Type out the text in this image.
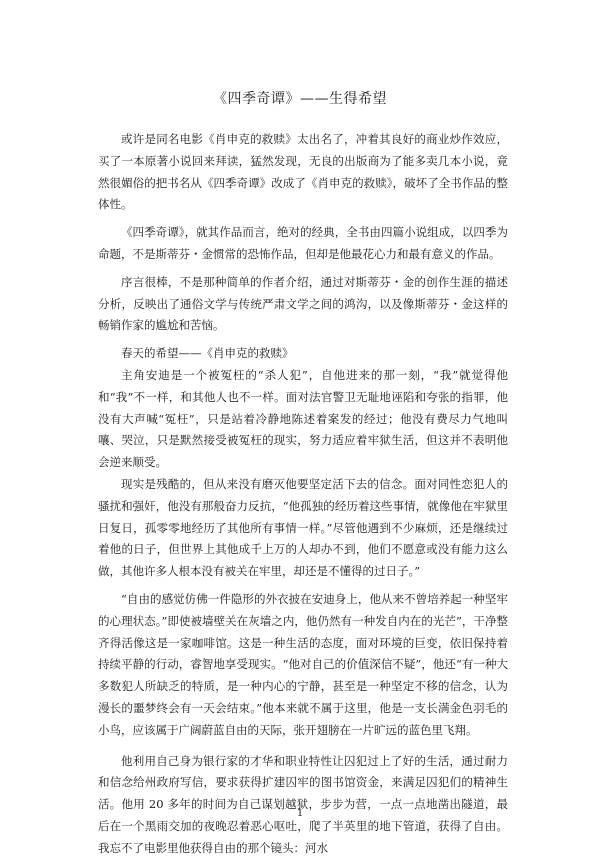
《四季奇谭》——生得希望

或许是同名电影《肖申克的救赎》太出名了，冲着其良好的商业炒作效应，买了一本原著小说回来拜读，猛然发现，无良的出版商为了能多卖几本小说，竟然很媚俗的把书名从《四季奇谭》改成了《肖申克的救赎》，破坏了全书作品的整体性。

《四季奇谭》，就其作品而言，绝对的经典，全书由四篇小说组成，以四季为命题，不是斯蒂芬・金惯常的恐怖作品，但却是他最花心力和最有意义的作品。

序言很棒，不是那种简单的作者介绍，通过对斯蒂芬・金的创作生涯的描述分析，反映出了通俗文学与传统严肃文学之间的鸿沟，以及像斯蒂芬・金这样的畅销作家的尴尬和苦恼。

春天的希望——《肖申克的救赎》

主角安迪是一个被冤枉的“杀人犯”，自他进来的那一刻，“我”就觉得他和“我”不一样，和其他人也不一样。面对法官警卫无耻地诬陷和夸张的指罪，他没有大声喊“冤枉”，只是站着冷静地陈述着案发的经过；他没有费尽力气地叫嚷、哭泣，只是默然接受被冤枉的现实，努力适应着牢狱生活，但这并不表明他会逆来顺受。

现实是残酷的，但从来没有磨灭他要坚定活下去的信念。面对同性恋犯人的骚扰和强奸，他没有那般奋力反抗，“他孤独的经历着这些事情，就像他在牢狱里日复日，孤零零地经历了其他所有事情一样。”尽管他遇到不少麻烦，还是继续过着他的日子，但世界上其他成千上万的人却办不到，他们不愿意或没有能力这么做，其他许多人根本没有被关在牢里，却还是不懂得的过日子。”

“自由的感觉仿佛一件隐形的外衣披在安迪身上，他从来不曾培养起一种坚牢的心理状态。”即使被墙壁关在灰墙之内，他仍然有一种发自内在的光芒”，干净整齐得活像这是一家咖啡馆。这是一种生活的态度，面对环境的巨变，依旧保持着持续平静的行动，睿智地享受现实。“他对自己的价值深信不疑”，他还“有一种大多数犯人所缺乏的特质，是一种内心的宁静，甚至是一种坚定不移的信念，认为漫长的噩梦终会有一天会结束。”他本来就不属于这里，他是一支长满金色羽毛的小鸟，应该属于广阔蔚蓝自由的天际，张开翅膀在一片旷远的蓝色里飞翔。

他利用自己身为银行家的才华和职业特性让囚犯过上了好的生活，通过耐力和信念给州政府写信，要求获得扩建囚牢的图书馆资金，来满足囚犯们的精神生活。他用 20 多年的时间为自己谋划越狱，步步为营，一点一点地凿出隧道，最后在一个黑雨交加的夜晚忍着恶心呕吐，爬了半英里的地下管道，获得了自由。我忘不了电影里他获得自由的那个镜头：河水

1
